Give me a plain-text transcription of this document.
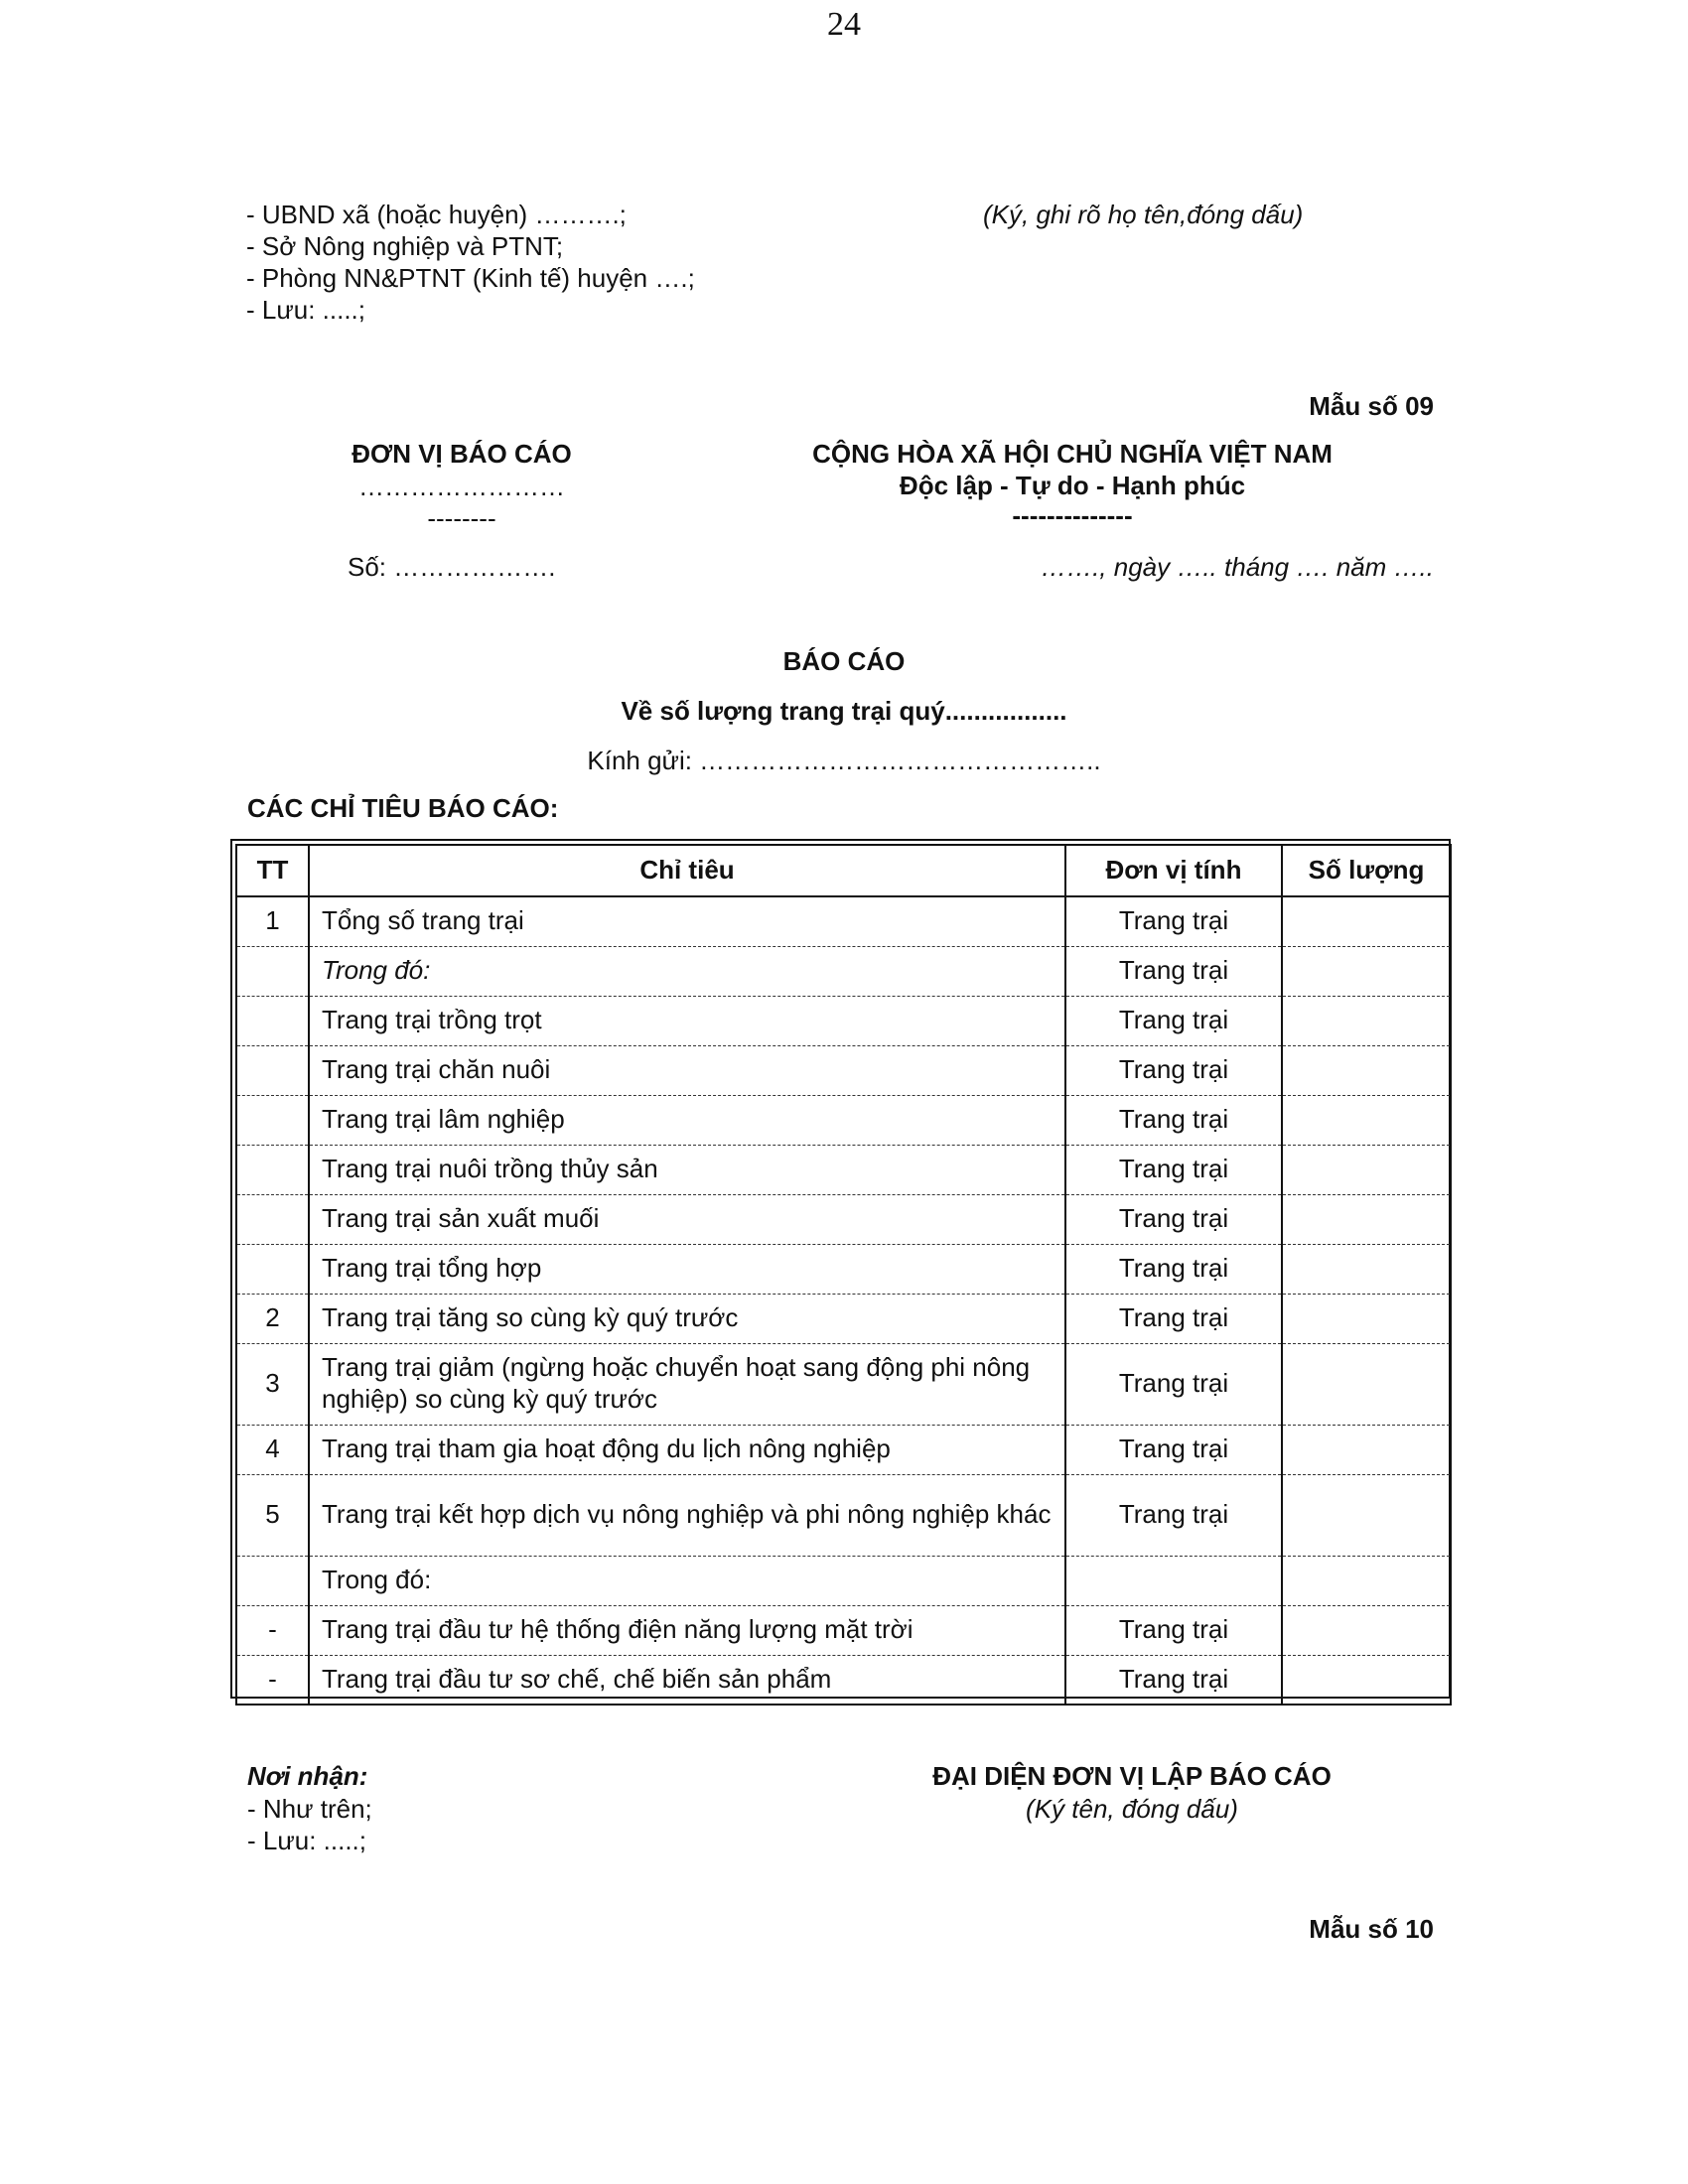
24
- UBND xã (hoặc huyện) ……….;
- Sở Nông nghiệp và PTNT;
- Phòng NN&PTNT (Kinh tế) huyện ….;
- Lưu: .....;
(Ký, ghi rõ họ tên,đóng dấu)
Mẫu số 09
ĐƠN VỊ BÁO CÁO
……………………
--------
Số: ……………….
CỘNG HÒA XÃ HỘI CHỦ NGHĨA VIỆT NAM
Độc lập - Tự do - Hạnh phúc
--------------
……., ngày ….. tháng …. năm …..
BÁO CÁO
Về số lượng trang trại quý.................
Kính gửi: ………………………………………..
CÁC CHỈ TIÊU BÁO CÁO:
TT	Chỉ tiêu	Đơn vị tính	Số lượng
1	Tổng số trang trại	Trang trại	
	Trong đó:	Trang trại	
	Trang trại trồng trọt	Trang trại	
	Trang trại chăn nuôi	Trang trại	
	Trang trại lâm nghiệp	Trang trại	
	Trang trại nuôi trồng thủy sản	Trang trại	
	Trang trại sản xuất muối	Trang trại	
	Trang trại tổng hợp	Trang trại	
2	Trang trại tăng so cùng kỳ quý trước	Trang trại	
3	Trang trại giảm (ngừng hoặc chuyển hoạt sang động phi nông nghiệp) so cùng kỳ quý trước	Trang trại	
4	Trang trại tham gia hoạt động du lịch nông nghiệp	Trang trại	
5	Trang trại kết hợp dịch vụ nông nghiệp và phi nông nghiệp khác	Trang trại	
	Trong đó:		
-	Trang trại đầu tư hệ thống điện năng lượng mặt trời	Trang trại	
-	Trang trại đầu tư sơ chế, chế biến sản phẩm	Trang trại	
Nơi nhận:
- Như trên;
- Lưu: .....;
ĐẠI DIỆN ĐƠN VỊ LẬP BÁO CÁO
(Ký tên, đóng dấu)
Mẫu số 10
